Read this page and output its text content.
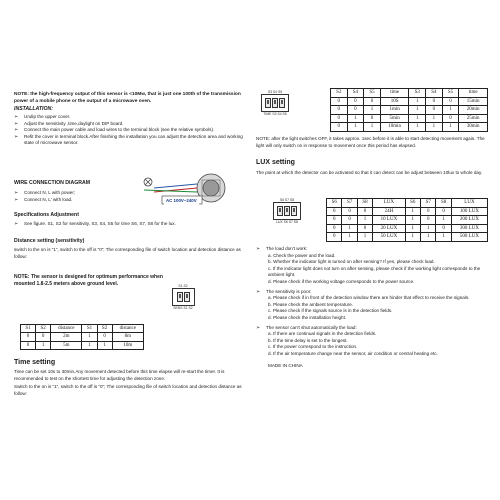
NOTE: the high-frequency output of this sensor is <10Mw, that is just one 100th of the transmission power of a mobile phone or the output of a microwave oven.

INSTALLATION:

➢ Undip the upper cover.
➢ Adjust the sensitivity ,time,daylight on DIP board.
➢ Connect the main power cable and load wires to the terminal block (see the relative symbols).
➢ Refit the cover in terminal block.After finishing the installation you can adjust the detection area and working state of microwave sensor.

WIRE CONNECTION DIAGRAM

➢ Connect N, L with power;
➢ Connect N, L' with load.	AC 100V~240V

Specifications Adjustment

➢ See figure. S1, S2 for sensitivity, S3, S4, S5 for time S6, S7, S8 for the lux.

Distance setting (sensitivity)

switch to the on is “1”, switch to the off is “0”; The corresponding file of switch location and detection distance as follow:

NOTE: The sensor is designed for optimum performance when mounted 1.8-2.5 meters above ground level.	S1 S2
SENS S1 S2
S1	S2	distance	S1	S2	distance
0	0	2m	1	0	8m
0	1	5m	1	1	10m

Time setting

Time can be set 10s to 30min.Any movement detected before this time elapse will re-start the timer. It is recommended to test on the shortest time for adjusting the detection zone.

Switch to the on is “1”, switch to the off is “0”; The corresponding file of switch location and detection distance as follow:

S3 S4 S5
TIME S3 S4 S5
S3	S4	S5	time	S3	S4	S5	time
0	0	0	10S	1	0	0	15min
0	0	1	1min	1	0	1	20min
0	1	0	5min	1	1	0	25min
0	1	1	10min	1	1	1	30min

NOTE: after the light switches OFF, it takes approx. 1sec before it is able to start detecting movement again. The light will only switch on in response to movement once this period has elapsed.

LUX setting

The point at which the detector can be activated so that it can detect can be adjust between 10lux to whole day.

S6 S7 S8
LUX S6 S7 S8
S6	S7	S8	LUX	S6	S7	S8	LUX
0	0	0	24H	1	0	0	100 LUX
0	0	1	10 LUX	1	0	1	200 LUX
0	1	0	20 LUX	1	1	0	300 LUX
0	1	1	50 LUX	1	1	1	500 LUX
➢ The load don't work:
a. Check the power and the load.
b. Whether the indicator light is turned on after sensing? If yes, please check load.
c. If the indicator light does not turn on after sensing, please check if the working light corresponds to the ambient light.
d. Please check if the working voltage corresponds to the power source.
➢ The sensitivity is poor:
a. Please check if in front of the detection window there are hinder that effect to receive the signals.
b. Please check the ambient temperature.
c. Please check if the signals source is in the detection fields.
d. Please check the installation height.
➢ The sensor can't shut automatically the load:
a. If there are continual signals in the detection fields.
b. If the time delay is set to the longest.
c. If the power correspond to the instruction.
d. If the air temperature change near the sensor, air condition or central heating etc.

MADE IN CHINA
